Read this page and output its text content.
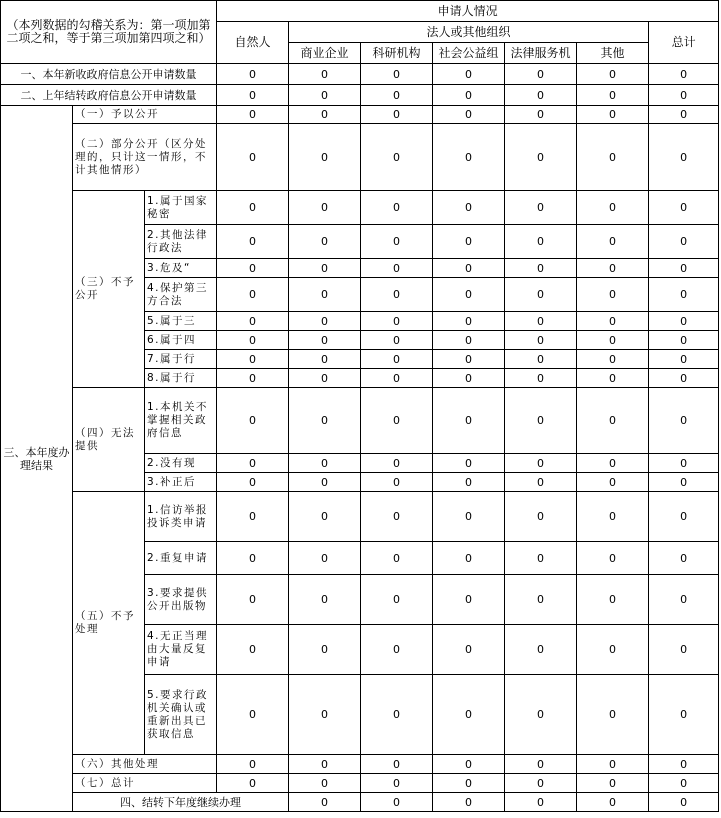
（本列数据的勾稽关系为：第一项加第二项之和，等于第三项加第四项之和）			申请人情况							
			自然人	法人或其他组织					总计	
				商业企业	科研机构	社会公益组	法律服务机	其他		
一、本年新收政府信息公开申请数量			0	0	0	0	0	0	0	
二、上年结转政府信息公开申请数量			0	0	0	0	0	0	0	
三、本年度办理结果	（一）予以公开		0	0	0	0	0	0	0	
	（二）部分公开（区分处理的，只计这一情形，不计其他情形）		0	0	0	0	0	0	0	
	（三）不予公开	1.属于国家秘密	0	0	0	0	0	0	0	
		2.其他法律行政法	0	0	0	0	0	0	0	
		3.危及“	0	0	0	0	0	0	0	
		4.保护第三方合法	0	0	0	0	0	0	0	
		5.属于三	0	0	0	0	0	0	0	
		6.属于四	0	0	0	0	0	0	0	
		7.属于行	0	0	0	0	0	0	0	
		8.属于行	0	0	0	0	0	0	0	
	（四）无法提供	1.本机关不掌握相关政府信息	0	0	0	0	0	0	0	
		2.没有现	0	0	0	0	0	0	0	
		3.补正后	0	0	0	0	0	0	0	
	（五）不予处理	1.信访举报投诉类申请	0	0	0	0	0	0	0	
		2.重复申请	0	0	0	0	0	0	0	
		3.要求提供公开出版物	0	0	0	0	0	0	0	
		4.无正当理由大量反复申请	0	0	0	0	0	0	0	
		5.要求行政机关确认或重新出具已获取信息	0	0	0	0	0	0	0	
	（六）其他处理		0	0	0	0	0	0	0	
	（七）总计		0	0	0	0	0	0	0	
	四、结转下年度继续办理			0	0	0	0	0	0	
